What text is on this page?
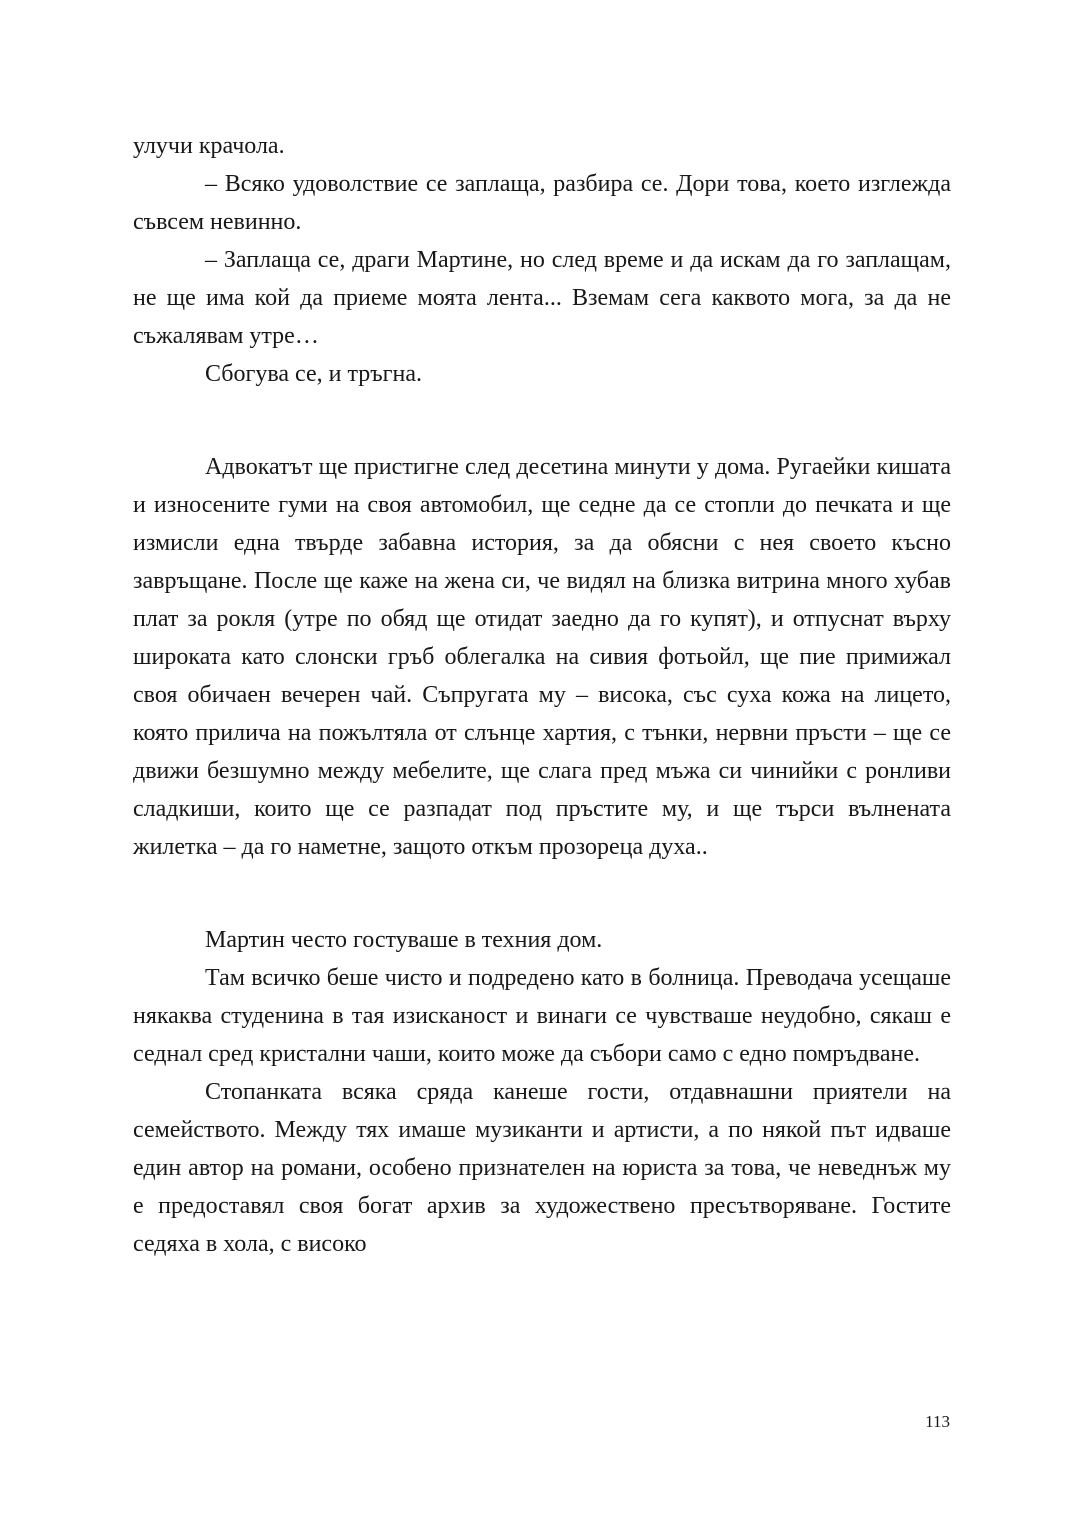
улучи крачола.

– Всяко удоволствие се заплаща, разбира се. Дори това, което изглежда съвсем невинно.

– Заплаща се, драги Мартине, но след време и да искам да го заплащам, не ще има кой да приеме моята лента... Вземам сега каквото мога, за да не съжалявам утре…

Сбогува се, и тръгна.

Адвокатът ще пристигне след десетина минути у дома. Ругаейки кишата и износените гуми на своя автомобил, ще седне да се стопли до печката и ще измисли една твърде забавна история, за да обясни с нея своето късно завръщане. После ще каже на жена си, че видял на близка витрина много хубав плат за рокля (утре по обяд ще отидат заедно да го купят), и отпуснат върху широката като слонски гръб облегалка на сивия фотьойл, ще пие примижал своя обичаен вечерен чай. Съпругата му – висока, със суха кожа на лицето, която прилича на пожълтяла от слънце хартия, с тънки, нервни пръсти – ще се движи безшумно между мебелите, ще слага пред мъжа си чинийки с ронливи сладкиши, които ще се разпадат под пръстите му, и ще търси вълнената жилетка – да го наметне, защото откъм прозореца духа..

Мартин често гостуваше в техния дом.

Там всичко беше чисто и подредено като в болница. Преводача усещаше някаква студенина в тая изисканост и винаги се чувстваше неудобно, сякаш е седнал сред кристални чаши, които може да събори само с едно помръдване.

Стопанката всяка сряда канеше гости, отдавнашни приятели на семейството. Между тях имаше музиканти и артисти, а по някой път идваше един автор на романи, особено признателен на юриста за това, че неведнъж му е предоставял своя богат архив за художествено пресътворяване. Гостите седяха в хола, с високо

113
